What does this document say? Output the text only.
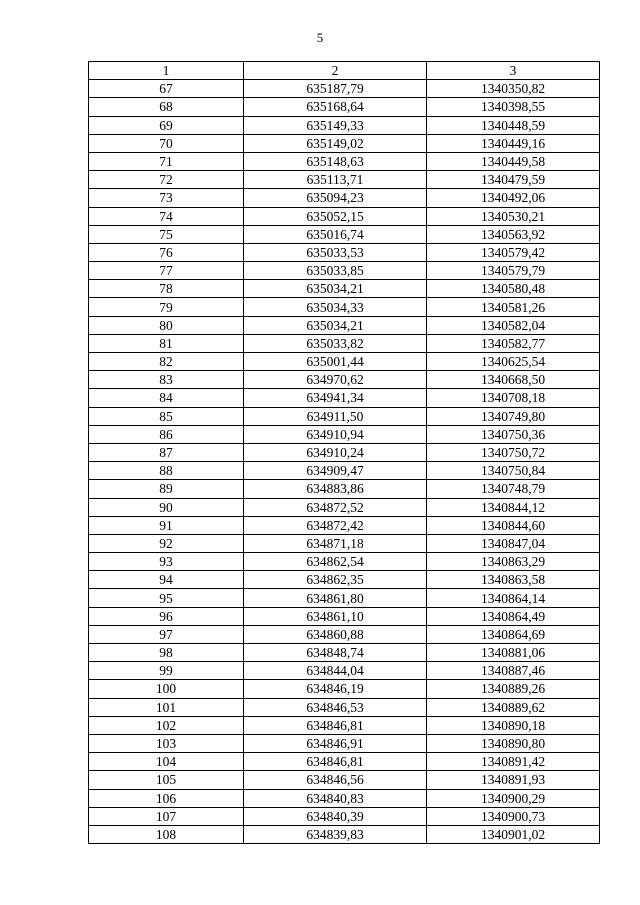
5
1	2	3
67	635187,79	1340350,82
68	635168,64	1340398,55
69	635149,33	1340448,59
70	635149,02	1340449,16
71	635148,63	1340449,58
72	635113,71	1340479,59
73	635094,23	1340492,06
74	635052,15	1340530,21
75	635016,74	1340563,92
76	635033,53	1340579,42
77	635033,85	1340579,79
78	635034,21	1340580,48
79	635034,33	1340581,26
80	635034,21	1340582,04
81	635033,82	1340582,77
82	635001,44	1340625,54
83	634970,62	1340668,50
84	634941,34	1340708,18
85	634911,50	1340749,80
86	634910,94	1340750,36
87	634910,24	1340750,72
88	634909,47	1340750,84
89	634883,86	1340748,79
90	634872,52	1340844,12
91	634872,42	1340844,60
92	634871,18	1340847,04
93	634862,54	1340863,29
94	634862,35	1340863,58
95	634861,80	1340864,14
96	634861,10	1340864,49
97	634860,88	1340864,69
98	634848,74	1340881,06
99	634844,04	1340887,46
100	634846,19	1340889,26
101	634846,53	1340889,62
102	634846,81	1340890,18
103	634846,91	1340890,80
104	634846,81	1340891,42
105	634846,56	1340891,93
106	634840,83	1340900,29
107	634840,39	1340900,73
108	634839,83	1340901,02
